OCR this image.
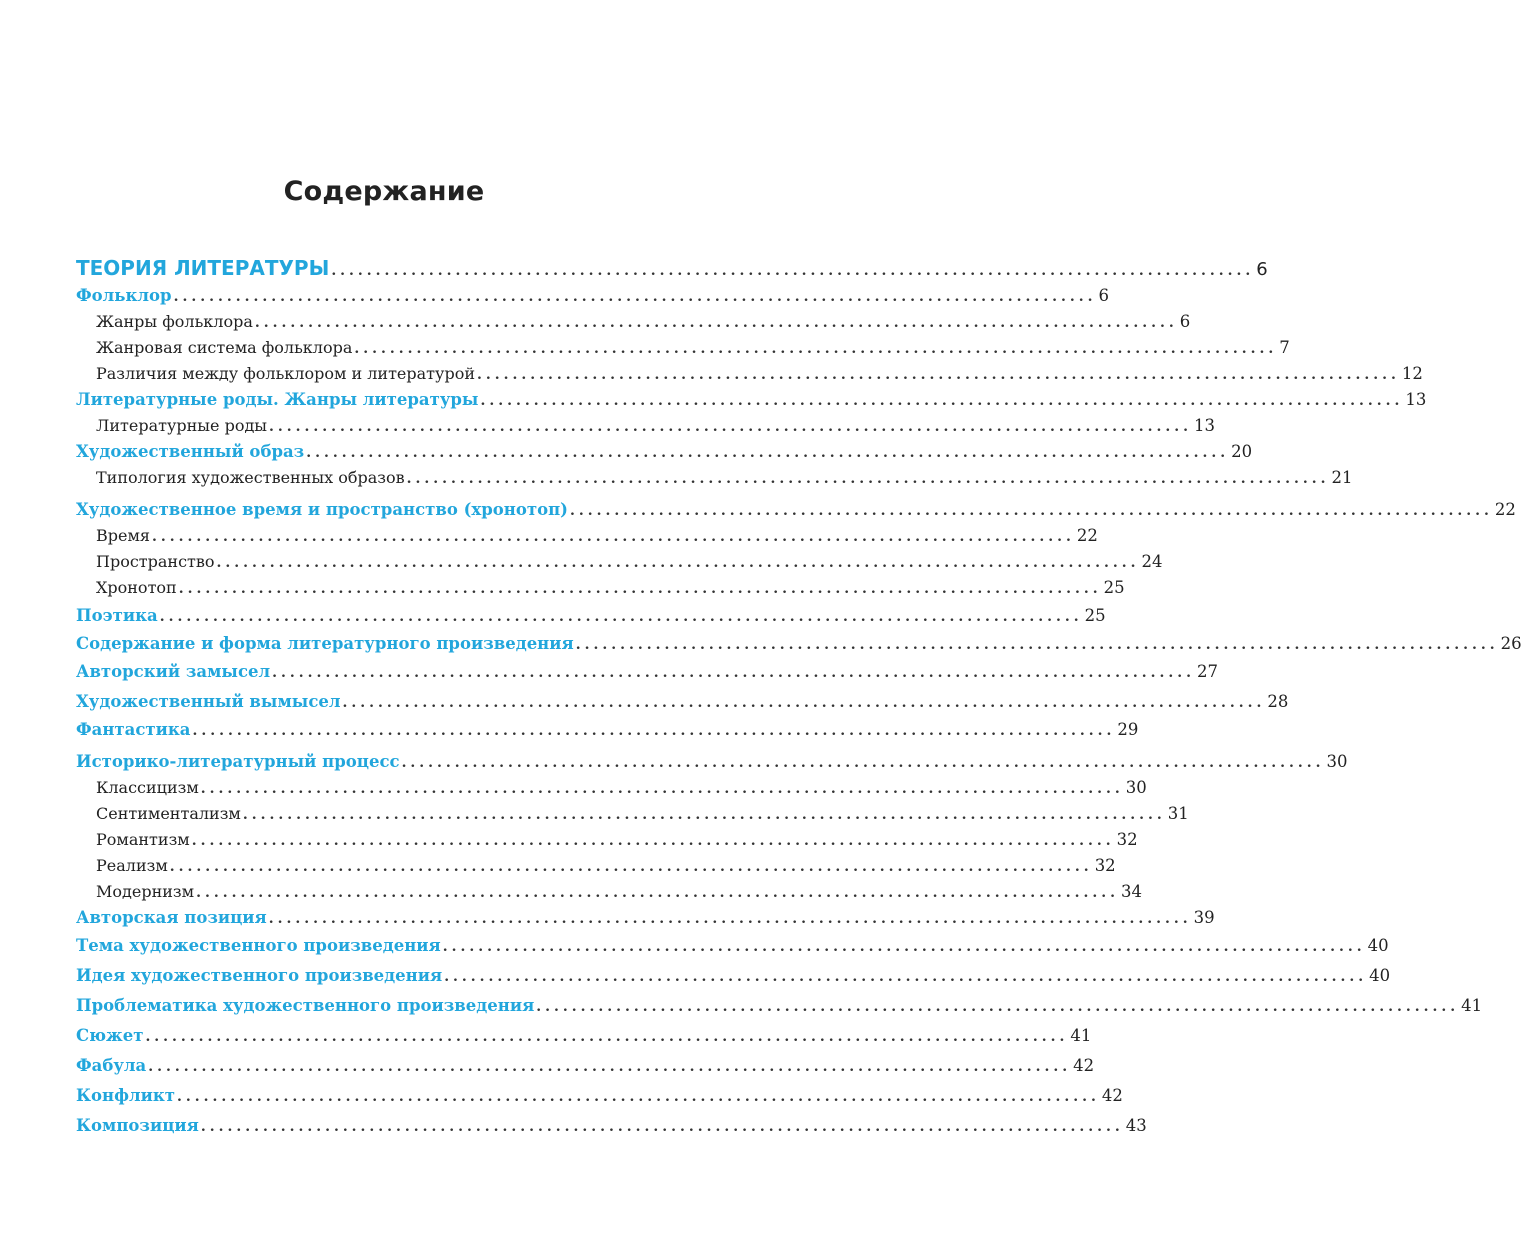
Содержание
ТЕОРИЯ ЛИТЕРАТУРЫ ........................................................................................................ 6
Фольклор ........................................................................................................ 6
Жанры фольклора ........................................................................................................ 6
Жанровая система фольклора ........................................................................................................ 7
Различия между фольклором и литературой ........................................................................................................ 12
Литературные роды. Жанры литературы ........................................................................................................ 13
Литературные роды ........................................................................................................ 13
Художественный образ ........................................................................................................ 20
Типология художественных образов ........................................................................................................ 21
Художественное время и пространство (хронотоп) ........................................................................................................ 22
Время ........................................................................................................ 22
Пространство ........................................................................................................ 24
Хронотоп ........................................................................................................ 25
Поэтика ........................................................................................................ 25
Содержание и форма литературного произведения ........................................................................................................ 26
Авторский замысел ........................................................................................................ 27
Художественный вымысел ........................................................................................................ 28
Фантастика ........................................................................................................ 29
Историко-литературный процесс ........................................................................................................ 30
Классицизм ........................................................................................................ 30
Сентиментализм ........................................................................................................ 31
Романтизм ........................................................................................................ 32
Реализм ........................................................................................................ 32
Модернизм ........................................................................................................ 34
Авторская позиция ........................................................................................................ 39
Тема художественного произведения ........................................................................................................ 40
Идея художественного произведения ........................................................................................................ 40
Проблематика художественного произведения ........................................................................................................ 41
Сюжет ........................................................................................................ 41
Фабула ........................................................................................................ 42
Конфликт ........................................................................................................ 42
Композиция ........................................................................................................ 43
